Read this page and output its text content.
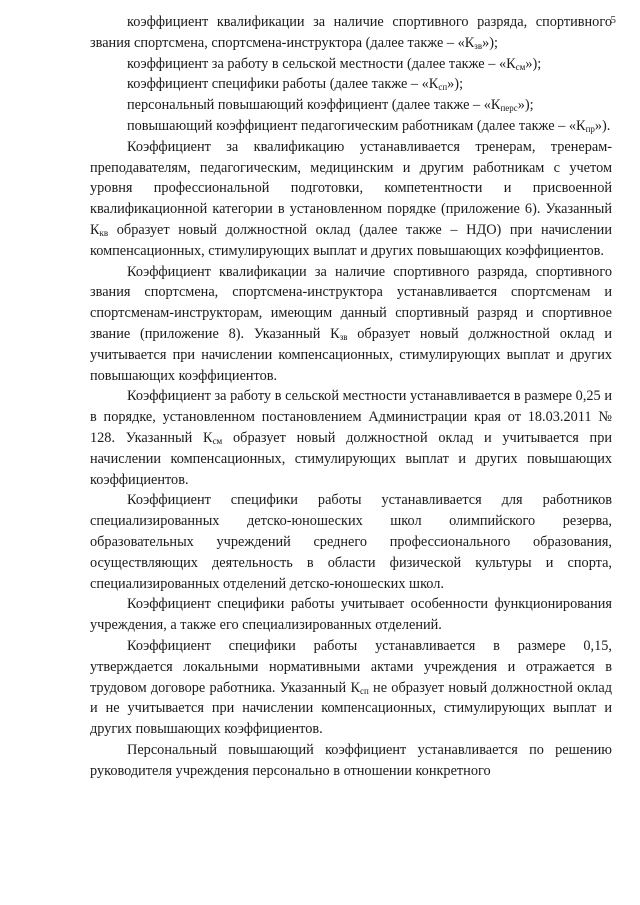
5

коэффициент квалификации за наличие спортивного разряда, спортивного звания спортсмена, спортсмена-инструктора (далее также – «$К_{зв}$»);

коэффициент за работу в сельской местности (далее также – «$К_{см}$»);

коэффициент специфики работы (далее также – «$К_{сп}$»);

персональный повышающий коэффициент (далее также – «$К_{перс}$»);

повышающий коэффициент педагогическим работникам (далее также – «$К_{пр}$»).

Коэффициент за квалификацию устанавливается тренерам, тренерам-преподавателям, педагогическим, медицинским и другим работникам с учетом уровня профессиональной подготовки, компетентности и присвоенной квалификационной категории в установленном порядке (приложение 6). Указанный $К_{кв}$ образует новый должностной оклад (далее также – НДО) при начислении компенсационных, стимулирующих выплат и других повышающих коэффициентов.

Коэффициент квалификации за наличие спортивного разряда, спортивного звания спортсмена, спортсмена-инструктора устанавливается спортсменам и спортсменам-инструкторам, имеющим данный спортивный разряд и спортивное звание (приложение 8). Указанный $К_{зв}$ образует новый должностной оклад и учитывается при начислении компенсационных, стимулирующих выплат и других повышающих коэффициентов.

Коэффициент за работу в сельской местности устанавливается в размере 0,25 и в порядке, установленном постановлением Администрации края от 18.03.2011 № 128. Указанный $К_{см}$ образует новый должностной оклад и учитывается при начислении компенсационных, стимулирующих выплат и других повышающих коэффициентов.

Коэффициент специфики работы устанавливается для работников специализированных детско-юношеских школ олимпийского резерва, образовательных учреждений среднего профессионального образования, осуществляющих деятельность в области физической культуры и спорта, специализированных отделений детско-юношеских школ.

Коэффициент специфики работы учитывает особенности функционирования учреждения, а также его специализированных отделений.

Коэффициент специфики работы устанавливается в размере 0,15, утверждается локальными нормативными актами учреждения и отражается в трудовом договоре работника. Указанный $К_{сп}$ не образует новый должностной оклад и не учитывается при начислении компенсационных, стимулирующих выплат и других повышающих коэффициентов.

Персональный повышающий коэффициент устанавливается по решению руководителя учреждения персонально в отношении конкретного
